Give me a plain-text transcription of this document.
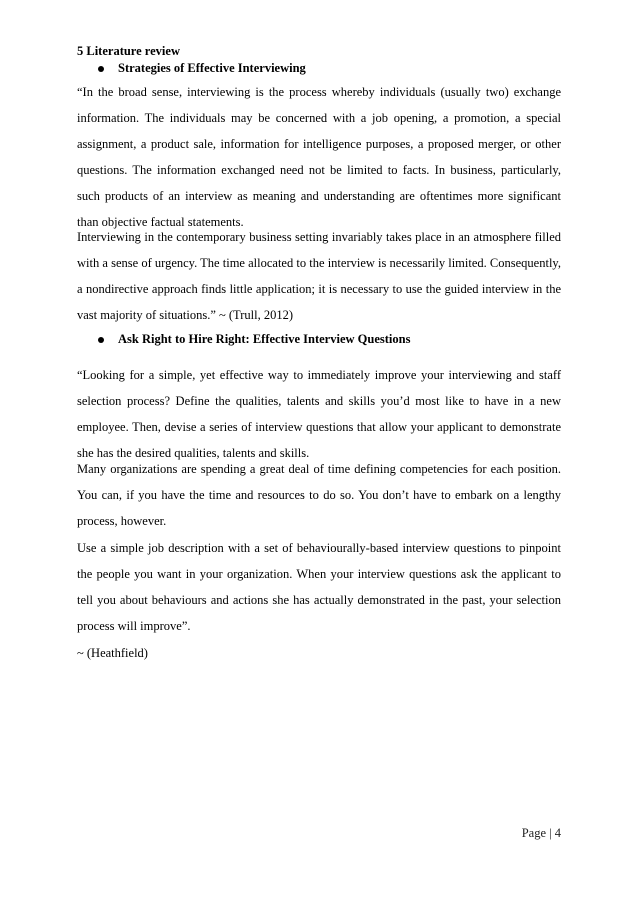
5 Literature review
Strategies of Effective Interviewing

“In the broad sense, interviewing is the process whereby individuals (usually two) exchange information. The individuals may be concerned with a job opening, a promotion, a special assignment, a product sale, information for intelligence purposes, a proposed merger, or other questions. The information exchanged need not be limited to facts. In business, particularly, such products of an interview as meaning and understanding are oftentimes more significant than objective factual statements.

Interviewing in the contemporary business setting invariably takes place in an atmosphere filled with a sense of urgency. The time allocated to the interview is necessarily limited. Consequently, a nondirective approach finds little application; it is necessary to use the guided interview in the vast majority of situations.” ~ (Trull, 2012)

Ask Right to Hire Right: Effective Interview Questions

“Looking for a simple, yet effective way to immediately improve your interviewing and staff selection process? Define the qualities, talents and skills you’d most like to have in a new employee. Then, devise a series of interview questions that allow your applicant to demonstrate she has the desired qualities, talents and skills.

Many organizations are spending a great deal of time defining competencies for each position. You can, if you have the time and resources to do so. You don’t have to embark on a lengthy process, however.

Use a simple job description with a set of behaviourally-based interview questions to pinpoint the people you want in your organization. When your interview questions ask the applicant to tell you about behaviours and actions she has actually demonstrated in the past, your selection process will improve”.

~ (Heathfield)

Page | 4
